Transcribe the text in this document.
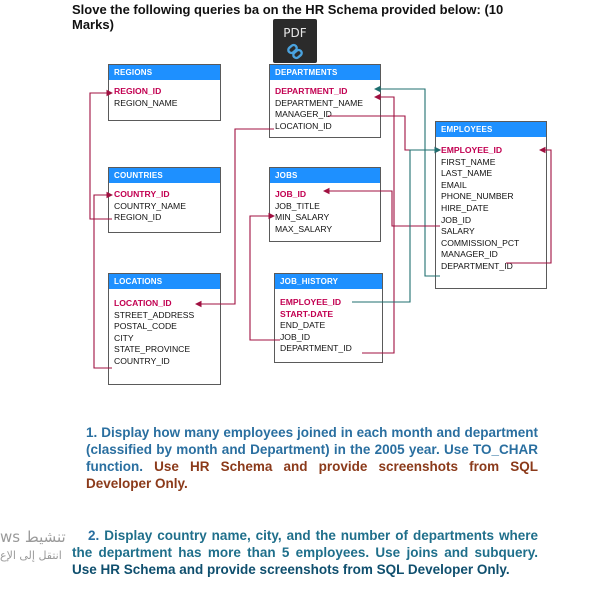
Slove the following queries ba on the HR Schema provided below: (10 Marks)
PDF
REGIONS
REGION_ID
REGION_NAME
COUNTRIES
COUNTRY_ID
COUNTRY_NAME
REGION_ID
LOCATIONS
LOCATION_ID
STREET_ADDRESS
POSTAL_CODE
CITY
STATE_PROVINCE
COUNTRY_ID
DEPARTMENTS
DEPARTMENT_ID
DEPARTMENT_NAME
MANAGER_ID
LOCATION_ID
JOBS
JOB_ID
JOB_TITLE
MIN_SALARY
MAX_SALARY
JOB_HISTORY
EMPLOYEE_ID
START-DATE
END_DATE
JOB_ID
DEPARTMENT_ID
EMPLOYEES
EMPLOYEE_ID
FIRST_NAME
LAST_NAME
EMAIL
PHONE_NUMBER
HIRE_DATE
JOB_ID
SALARY
COMMISSION_PCT
MANAGER_ID
DEPARTMENT_ID
1. Display how many employees joined in each month and department (classified by month and Department) in the 2005 year. Use TO_CHAR function. Use HR Schema and provide screenshots from SQL Developer Only.
2. Display country name, city, and the number of departments where the department has more than 5 employees. Use joins and subquery. Use HR Schema and provide screenshots from SQL Developer Only.
ws تنشيط
انتقل إلى الإع
